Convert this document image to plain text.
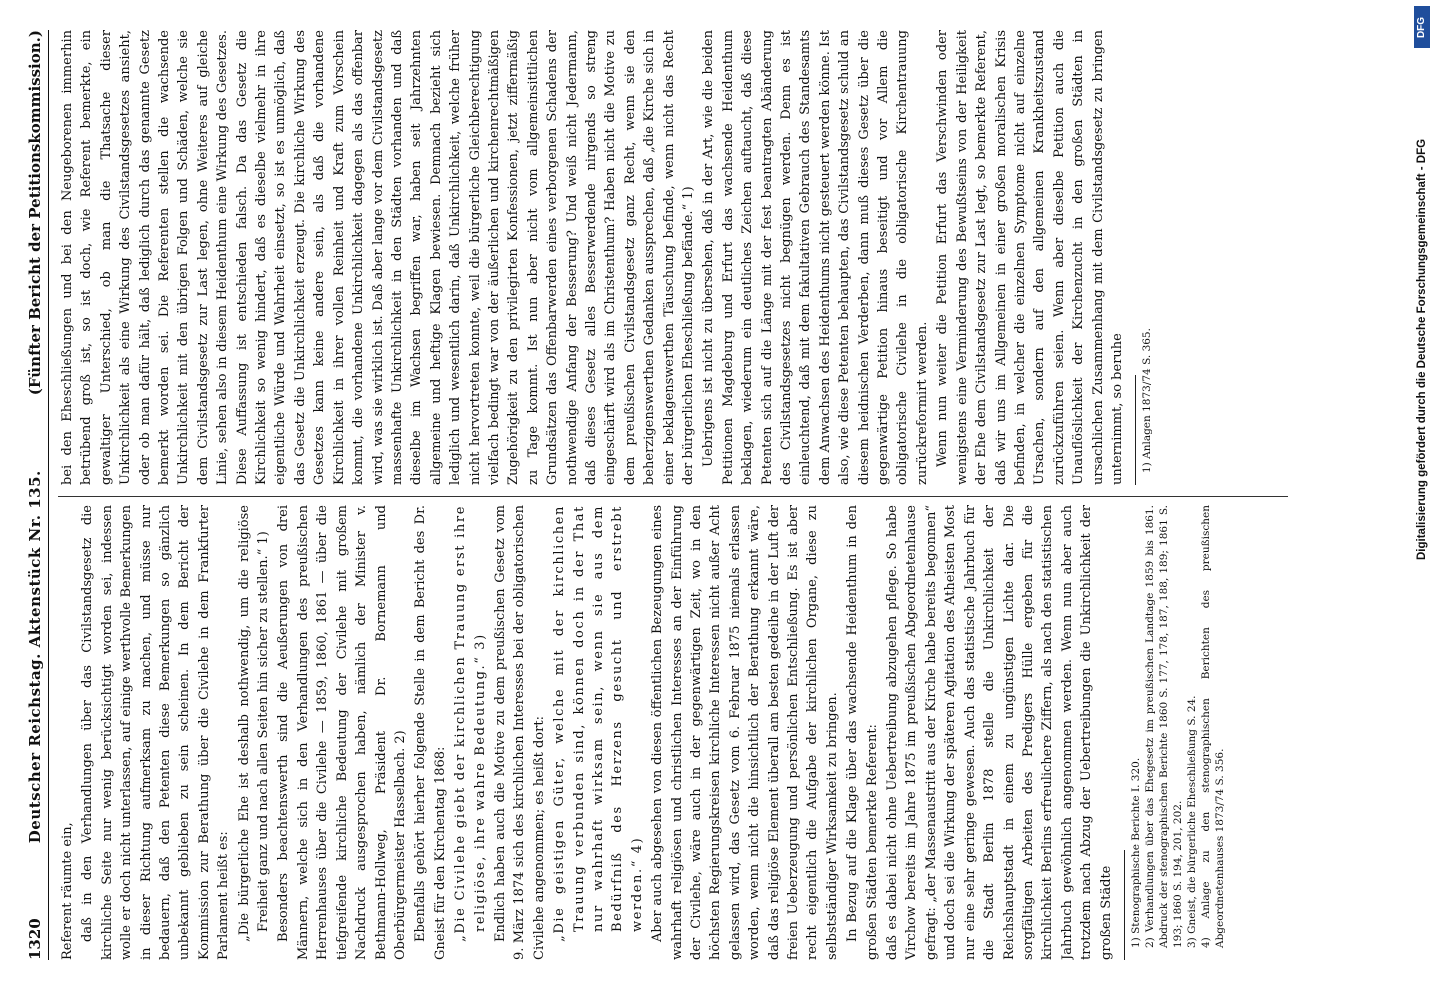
1320
Deutscher Reichstag. Aktenstück Nr. 135.
(Fünfter Bericht der Petitionskommission.)

Referent räumte ein, daß in den Verhandlungen über das Civilstandsgesetz die kirchliche Seite nur wenig berücksichtigt worden sei, indessen wolle er doch nicht unterlassen, auf einige werthvolle Bemerkungen in dieser Richtung aufmerksam zu machen, und müsse nur bedauern, daß den Petenten diese Bemerkungen so gänzlich unbekannt geblieben zu sein scheinen. In dem Bericht der Kommission zur Berathung über die Civilehe in dem Frankfurter Parlament heißt es: „Die bürgerliche Ehe ist deshalb nothwendig, um die religiöse Freiheit ganz und nach allen Seiten hin sicher zu stellen.“ 1) Besonders beachtenswerth sind die Aeußerungen von drei Männern, welche sich in den Verhandlungen des preußischen Herrenhauses über die Civilehe — 1859, 1860, 1861 — über die tiefgreifende kirchliche Bedeutung der Civilehe mit großem Nachdruck ausgesprochen haben, nämlich der Minister v. Bethmann-Hollweg, Präsident Dr. Bornemann und Oberbürgermeister Hasselbach. 2) Ebenfalls gehört hierher folgende Stelle in dem Bericht des Dr. Gneist für den Kirchentag 1868: „Die Civilehe giebt der kirchlichen Trauung erst ihre religiöse, ihre wahre Bedeutung.“ 3) Endlich haben auch die Motive zu dem preußischen Gesetz vom 9. März 1874 sich des kirchlichen Interesses bei der obligatorischen Civilehe angenommen; es heißt dort: „Die geistigen Güter, welche mit der kirchlichen Trauung verbunden sind, können doch in der That nur wahrhaft wirksam sein, wenn sie aus dem Bedürfniß des Herzens gesucht und erstrebt werden.“ 4) Aber auch abgesehen von diesen öffentlichen Bezeugungen eines wahrhaft religiösen und christlichen Interesses an der Einführung der Civilehe, wäre auch in der gegenwärtigen Zeit, wo in den höchsten Regierungskreisen kirchliche Interessen nicht außer Acht gelassen wird, das Gesetz vom 6. Februar 1875 niemals erlassen worden, wenn nicht die hinsichtlich der Berathung erkannt wäre, daß das religiöse Element überall am besten gedeihe in der Luft der freien Ueberzeugung und persönlichen Entschließung. Es ist aber recht eigentlich die Aufgabe der kirchlichen Organe, diese zu selbstständiger Wirksamkeit zu bringen. In Bezug auf die Klage über das wachsende Heidenthum in den großen Städten bemerkte Referent: daß es dabei nicht ohne Uebertreibung abzugehen pflege. So habe Virchow bereits im Jahre 1875 im preußischen Abgeordnetenhause gefragt: „der Massenaustritt aus der Kirche habe bereits begonnen“ und doch sei die Wirkung der späteren Agitation des Atheisten Most nur eine sehr geringe gewesen. Auch das statistische Jahrbuch für die Stadt Berlin 1878 stelle die Unkirchlichkeit der Reichshauptstadt in einem zu ungünstigen Lichte dar. Die sorgfältigen Arbeiten des Predigers Hülle ergeben für die kirchlichkeit Berlins erfreulichere Ziffern, als nach den statistischen Jahrbuch gewöhnlich angenommen werden. Wenn nun aber auch trotzdem nach Abzug der Uebertreibungen die Unkirchlichkeit der großen Städte 1) Stenographische Berichte I. 320. 2) Verhandlungen über das Ehegesetz im preußischen Landtage 1859 bis 1861. Abdruck der stenographischen Berichte 1860 S. 177, 178, 187, 188, 189; 1861 S. 193; 1860 S. 194, 201, 202. 3) Gneist, die bürgerliche Eheschließung S. 24. 4) Anlage zu den stenographischen Berichten des preußischen Abgeordnetenhauses 1873/74 S. 356.

bei den Eheschließungen und bei den Neugeborenen immerhin betrübend groß ist, so ist doch, wie Referent bemerkte, ein gewaltiger Unterschied, ob man die Thatsache dieser Unkirchlichkeit als eine Wirkung des Civilstandsgesetzes ansieht, oder ob man dafür hält, daß lediglich durch das genannte Gesetz bemerkt worden sei. Die Referenten stellen die wachsende Unkirchlichkeit mit den übrigen Folgen und Schäden, welche sie dem Civilstandsgesetz zur Last legen, ohne Weiteres auf gleiche Linie, sehen also in diesem Heidenthum eine Wirkung des Gesetzes. Diese Auffassung ist entschieden falsch. Da das Gesetz die Kirchlichkeit so wenig hindert, daß es dieselbe vielmehr in ihre eigentliche Würde und Wahrheit einsetzt, so ist es unmöglich, daß das Gesetz die Unkirchlichkeit erzeugt. Die kirchliche Wirkung des Gesetzes kann keine andere sein, als daß die vorhandene Kirchlichkeit in ihrer vollen Reinheit und Kraft zum Vorschein kommt, die vorhandene Unkirchlichkeit dagegen als das offenbar wird, was sie wirklich ist. Daß aber lange vor dem Civilstandsgesetz massenhafte Unkirchlichkeit in den Städten vorhanden und daß dieselbe im Wachsen begriffen war, haben seit Jahrzehnten allgemeine und heftige Klagen bewiesen. Demnach bezieht sich lediglich und wesentlich darin, daß Unkirchlichkeit, welche früher nicht hervortreten konnte, weil die bürgerliche Gleichberechtigung vielfach bedingt war von der äußerlichen und kirchenrechtmäßigen Zugehörigkeit zu den privilegirten Konfessionen, jetzt ziffermäßig zu Tage kommt. Ist nun aber nicht vom allgemeinsittlichen Grundsätzen das Offenbarwerden eines verborgenen Schadens der nothwendige Anfang der Besserung? Und weiß nicht Jedermann, daß dieses Gesetz alles Besserwerdende nirgends so streng eingeschärft wird als im Christenthum? Haben nicht die Motive zu dem preußischen Civilstandsgesetz ganz Recht, wenn sie den beherzigenswerthen Gedanken aussprechen, daß „die Kirche sich in einer beklagenswerthen Täuschung befinde, wenn nicht das Recht der bürgerlichen Eheschließung befände.“ 1) Uebrigens ist nicht zu übersehen, daß in der Art, wie die beiden Petitionen Magdeburg und Erfurt das wachsende Heidenthum beklagen, wiederum ein deutliches Zeichen auftaucht, daß diese Petenten sich auf die Länge mit der fest beantragten Abänderung des Civilstandsgesetzes nicht begnügen werden. Denn es ist einleuchtend, daß mit dem fakultativen Gebrauch des Standesamts dem Anwachsen des Heidenthums nicht gesteuert werden könne. Ist also, wie diese Petenten behaupten, das Civilstandsgesetz schuld an diesem heidnischen Verderben, dann muß dieses Gesetz über die gegenwärtige Petition hinaus beseitigt und vor Allem die obligatorische Civilehe in die obligatorische Kirchentrauung zurückreformirt werden. Wenn nun weiter die Petition Erfurt das Verschwinden oder wenigstens eine Verminderung des Bewußtseins von der Heiligkeit der Ehe dem Civilstandsgesetz zur Last legt, so bemerkte Referent, daß wir uns im Allgemeinen in einer großen moralischen Krisis befinden, in welcher die einzelnen Symptome nicht auf einzelne Ursachen, sondern auf den allgemeinen Krankheitszustand zurückzuführen seien. Wenn aber dieselbe Petition auch die Unauflöslichkeit der Kirchenzucht in den großen Städten in ursachlichen Zusammenhang mit dem Civilstandsgesetz zu bringen unternimmt, so beruhe 1) Anlagen 1873/74 S. 365.	Digitalisierung gefördert durch die Deutsche Forschungsgemeinschaft - DFG
DFG
